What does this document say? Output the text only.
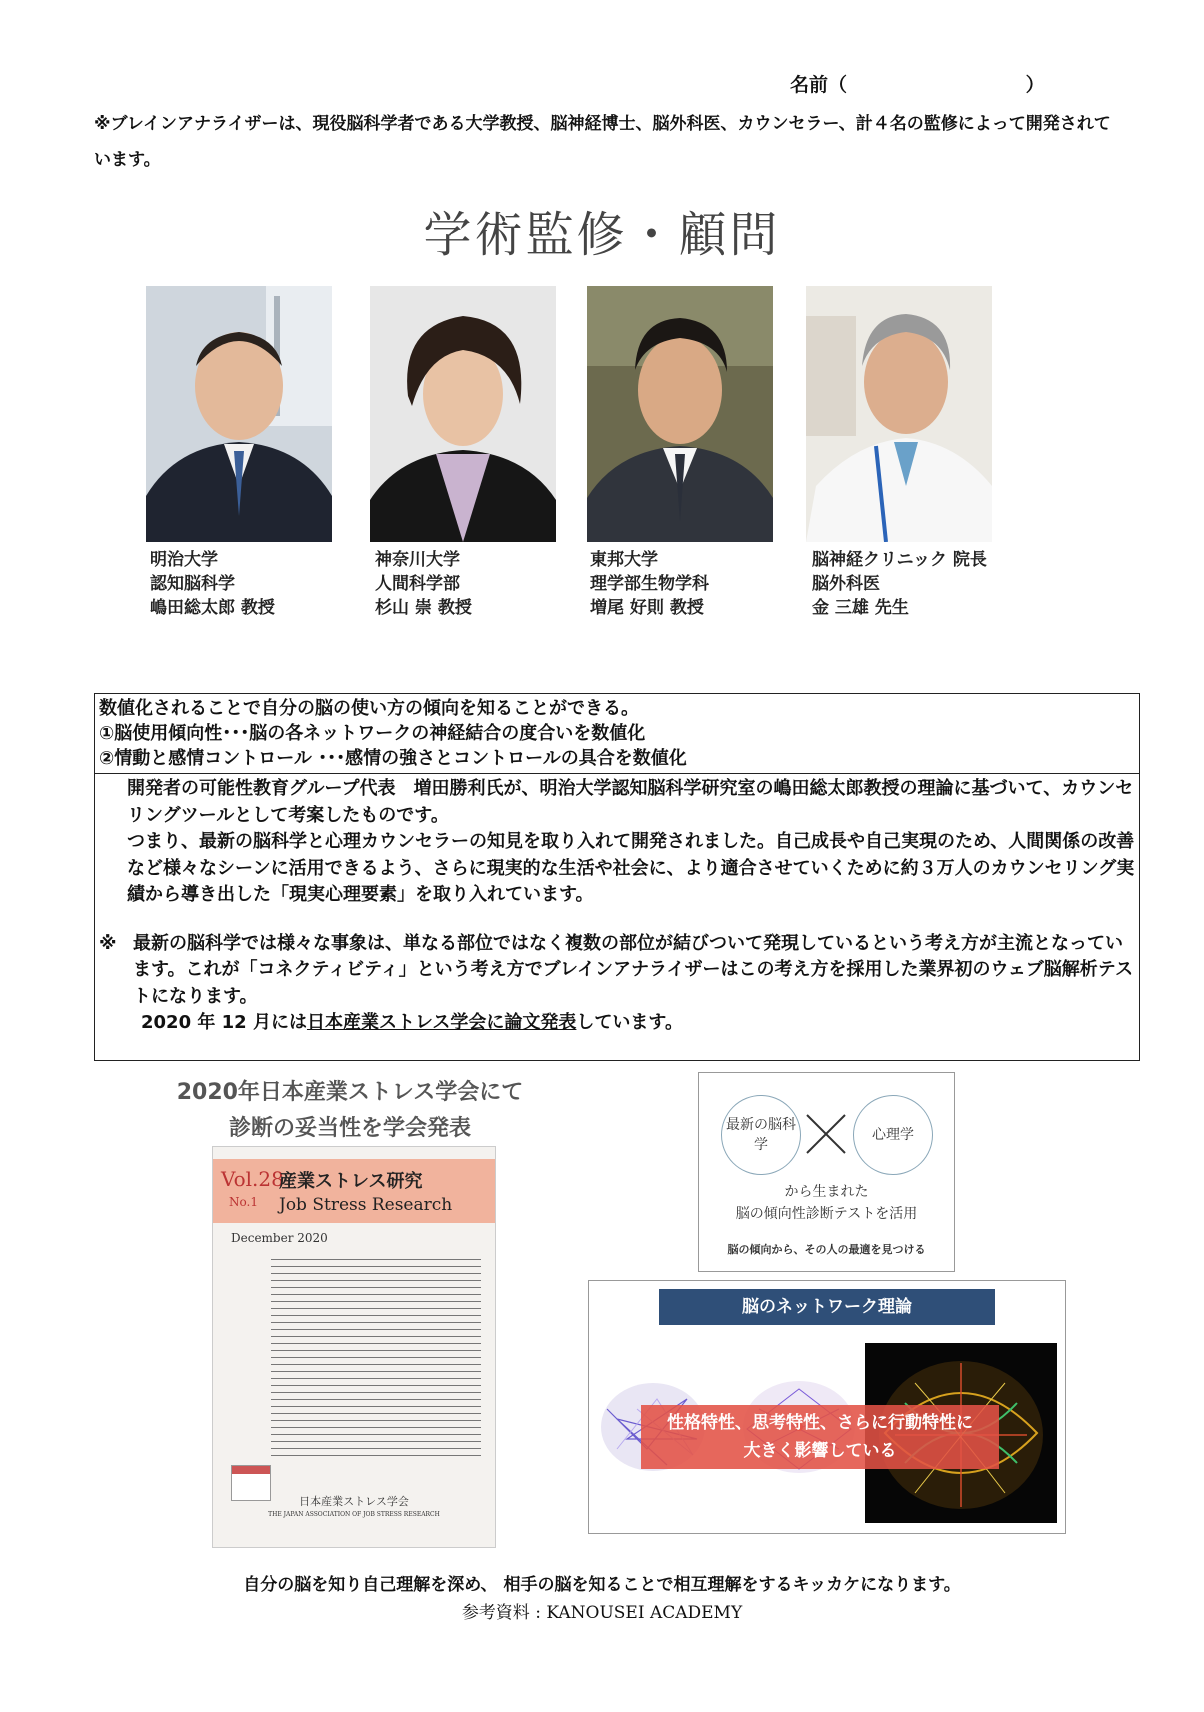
名前（	）
※ブレインアナライザーは、現役脳科学者である大学教授、脳神経博士、脳外科医、カウンセラー、計４名の監修によって開発されています。
学術監修・顧問
明治大学
認知脳科学
嶋田総太郎 教授
神奈川大学
人間科学部
杉山 崇 教授
東邦大学
理学部生物学科
増尾 好則 教授
脳神経クリニック 院長
脳外科医
金 三雄 先生
数値化されることで自分の脳の使い方の傾向を知ることができる。
①脳使用傾向性･･･脳の各ネットワークの神経結合の度合いを数値化
②情動と感情コントロール ･･･感情の強さとコントロールの具合を数値化
開発者の可能性教育グループ代表　増田勝利氏が、明治大学認知脳科学研究室の嶋田総太郎教授の理論に基づいて、カウンセリングツールとして考案したものです。
つまり、最新の脳科学と心理カウンセラーの知見を取り入れて開発されました。自己成長や自己実現のため、人間関係の改善など様々なシーンに活用できるよう、さらに現実的な生活や社会に、より適合させていくために約３万人のカウンセリング実績から導き出した「現実心理要素」を取り入れています。
※ 最新の脳科学では様々な事象は、単なる部位ではなく複数の部位が結びついて発現しているという考え方が主流となっています。これが「コネクティビティ」という考え方でブレインアナライザーはこの考え方を採用した業界初のウェブ脳解析テストになります。
2020 年 12 月には日本産業ストレス学会に論文発表しています。
2020年日本産業ストレス学会にて
診断の妥当性を学会発表
Vol.28
No.1
産業ストレス研究
Job Stress Research
December 2020
日本産業ストレス学会
THE JAPAN ASSOCIATION OF JOB STRESS RESEARCH
最新の脳科学
心理学
から生まれた
脳の傾向性診断テストを活用
脳の傾向から、その人の最適を見つける
脳のネットワーク理論
性格特性、思考特性、さらに行動特性に
大きく影響している
自分の脳を知り自己理解を深め、 相手の脳を知ることで相互理解をするキッカケになります。
参考資料 : KANOUSEI ACADEMY
